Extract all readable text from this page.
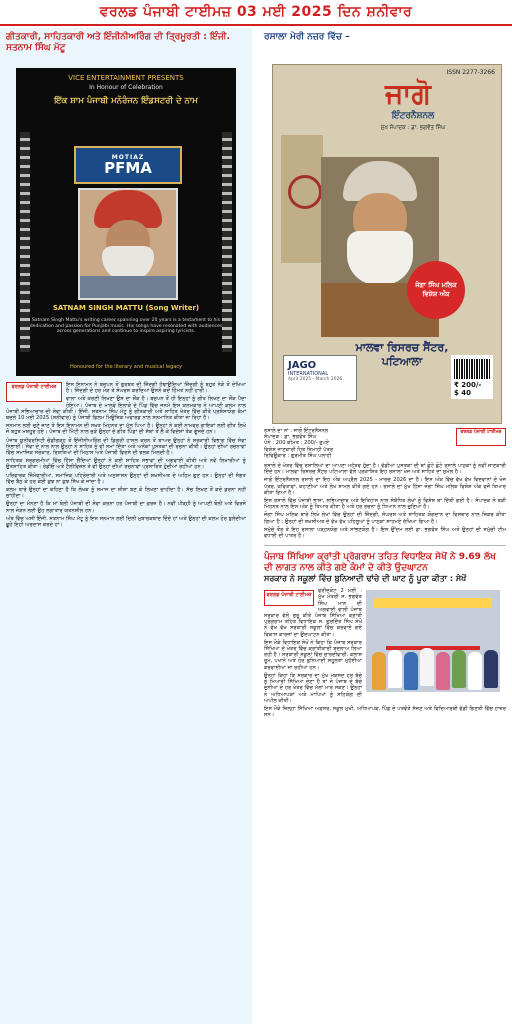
ਵਰਲਡ ਪੰਜਾਬੀ ਟਾਈਮਜ਼ 03 ਮਈ 2025 ਦਿਨ ਸ਼ਨੀਵਾਰ
ਗੀਤਕਾਰੀ, ਸਾਹਿਤਕਾਰੀ ਅਤੇ ਇੰਜੀਨੀਅਰਿੰਗ ਦੀ ਤ੍ਰਿਮੂਰਤੀ : ਇੰਜੀ. ਸਤਨਾਮ ਸਿੰਘ ਮੱਟੂ
VICE ENTERTAINMENT PRESENTS
In Honour of Celebration
ਇੱਕ ਸ਼ਾਮ ਪੰਜਾਬੀ ਮਨੋਰੰਜਨ ਇੰਡਸਟਰੀ ਦੇ ਨਾਮ
MOTIAZ
PFMA
SATNAM SINGH MATTU (Song Writer)
Satnam Singh Mattu's writing career spanning over 20 years is a testament to his dedication and passion for Punjabi music. His songs have resonated with audiences across generations and continue to inspire aspiring lyricists.
Honoured for the literary and musical legacy
ਵਰਲਡ ਪੰਜਾਬੀ ਟਾਈਮਜ਼	ਇਸ ਇਨਾਮਨ ਨੇ ਬਚਪਨ ਤੋਂ ਗੁਰਬਤ ਦੀ ਜ਼ਿੰਦਗੀ ਹੰਢਾਉਂਦਿਆਂ ਜ਼ਿੰਦਗੀ ਨੂੰ ਬਹੁਤ ਨੇੜੇ ਤੋਂ ਦੇਖਿਆ ਹੈ। ਜ਼ਿੰਦਗੀ ਦੇ ਹਰ ਮੋੜ ਤੇ ਸੰਘਰਸ਼ ਕਰਦਿਆਂ ਉਸਨੇ ਕਦੇ ਹਿੰਮਤ ਨਹੀਂ ਹਾਰੀ।

ਵਾਲਾ ਅਤੇ ਕਰਣੀ ਲਿਖਣਾ ਉਸ ਦਾ ਸ਼ੌਂਕ ਹੈ। ਬਚਪਨ ਤੋਂ ਹੀ ਇਨ੍ਹਾਂ ਨੂੰ ਗੀਤ ਲਿਖਣ ਦਾ ਸ਼ੌਂਕ ਪੈਦਾ ਹੋਇਆ। ਪੰਜਾਬ ਦੇ ਮਾਲਵੇ ਇਲਾਕੇ ਦੇ ਪਿੰਡ ਵਿੱਚ ਜਨਮੇ ਇਸ ਕਲਮਕਾਰ ਨੇ ਆਪਣੀ ਕਲਮ ਨਾਲ ਪੰਜਾਬੀ ਸਭਿਆਚਾਰ ਦੀ ਸੇਵਾ ਕੀਤੀ। ਇੰਜੀ. ਸਤਨਾਮ ਸਿੰਘ ਮੱਟੂ ਨੂੰ ਗੀਤਕਾਰੀ ਅਤੇ ਸਾਹਿਤ ਖੇਤਰ ਵਿੱਚ ਕੀਤੇ ਪ੍ਰਸ਼ੰਸਾਯੋਗ ਕੰਮਾਂ ਬਦਲੇ 10 ਮਈ 2025 (ਸ਼ਨੀਵਾਰ) ਨੂੰ ਪੰਜਾਬੀ ਫ਼ਿਲਮ ਮਿਊਜ਼ਿਕ ਅਵਾਰਡ ਨਾਲ ਸਨਮਾਨਿਤ ਕੀਤਾ ਜਾ ਰਿਹਾ ਹੈ।

ਸਨਮਾਨ ਲਈ ਚੁਣੇ ਜਾਣ ਤੇ ਇਸ ਇਨਾਮਨ ਦੀ ਸਖ਼ਤ ਮਿਹਨਤ ਦਾ ਮੁੱਲ ਪਿਆ ਹੈ। ਉਨ੍ਹਾਂ ਨੇ ਕਈ ਨਾਮਵਰ ਗਾਇਕਾਂ ਲਈ ਗੀਤ ਲਿਖੇ ਜੋ ਬਹੁਤ ਮਸ਼ਹੂਰ ਹੋਏ। ਪੰਜਾਬ ਦੀ ਮਿੱਟੀ ਨਾਲ ਜੁੜੇ ਉਨ੍ਹਾਂ ਦੇ ਗੀਤ ਪਿੰਡਾਂ ਦੀ ਸੱਥਾਂ ਤੋਂ ਲੈ ਕੇ ਵਿਦੇਸ਼ਾਂ ਤੱਕ ਗੂੰਜਦੇ ਹਨ।

ਪੰਜਾਬ ਯੂਨੀਵਰਸਿਟੀ ਚੰਡੀਗੜ੍ਹ ਤੋਂ ਇੰਜੀਨੀਅਰਿੰਗ ਦੀ ਡਿਗਰੀ ਹਾਸਲ ਕਰਨ ਤੋਂ ਬਾਅਦ ਉਨ੍ਹਾਂ ਨੇ ਸਰਕਾਰੀ ਵਿਭਾਗ ਵਿੱਚ ਸੇਵਾ ਨਿਭਾਈ। ਸੇਵਾ ਦੇ ਨਾਲ ਨਾਲ ਉਨ੍ਹਾਂ ਨੇ ਸਾਹਿਤ ਨੂੰ ਵੀ ਸਮਾਂ ਦਿੱਤਾ ਅਤੇ ਅਨੇਕਾਂ ਪੁਸਤਕਾਂ ਦੀ ਰਚਨਾ ਕੀਤੀ। ਉਨ੍ਹਾਂ ਦੀਆਂ ਰਚਨਾਵਾਂ ਵਿੱਚ ਸਮਾਜਿਕ ਸਰੋਕਾਰ, ਰਿਸ਼ਤਿਆਂ ਦੀ ਮਿਠਾਸ ਅਤੇ ਪੰਜਾਬੀ ਵਿਰਸੇ ਦੀ ਝਲਕ ਮਿਲਦੀ ਹੈ।

ਸਾਹਿਤਕ ਸਰਗਰਮੀਆਂ ਵਿੱਚ ਹਿੱਸਾ ਲੈਂਦਿਆਂ ਉਨ੍ਹਾਂ ਨੇ ਕਈ ਸਾਹਿਤ ਸਭਾਵਾਂ ਦੀ ਅਗਵਾਈ ਕੀਤੀ ਅਤੇ ਨਵੇਂ ਲਿਖਾਰੀਆਂ ਨੂੰ ਉਤਸ਼ਾਹਿਤ ਕੀਤਾ। ਰੇਡੀਓ ਅਤੇ ਟੈਲੀਵਿਜ਼ਨ ਤੇ ਵੀ ਉਨ੍ਹਾਂ ਦੀਆਂ ਰਚਨਾਵਾਂ ਪ੍ਰਸਾਰਿਤ ਹੁੰਦੀਆਂ ਰਹੀਆਂ ਹਨ।

ਪਰਿਵਾਰਕ ਜ਼ਿੰਮੇਵਾਰੀਆਂ, ਸਮਾਜਿਕ ਪਹਿਰੇਦਾਰੀ ਅਤੇ ਅਨੁਸ਼ਾਸਨ ਉਨ੍ਹਾਂ ਦੀ ਸ਼ਖ਼ਸੀਅਤ ਦੇ ਅਹਿਮ ਗੁਣ ਹਨ। ਉਨ੍ਹਾਂ ਦੀ ਸੰਗਤ ਵਿੱਚ ਬੈਠ ਕੇ ਹਰ ਕੋਈ ਕੁਝ ਨਾ ਕੁਝ ਸਿੱਖ ਕੇ ਜਾਂਦਾ ਹੈ।

ਕਲਮ ਬਾਰੇ ਉਨ੍ਹਾਂ ਦਾ ਕਹਿਣਾ ਹੈ ਕਿ ਲੇਖਕ ਨੂੰ ਸਮਾਜ ਦਾ ਸ਼ੀਸ਼ਾ ਬਣ ਕੇ ਲਿਖਣਾ ਚਾਹੀਦਾ ਹੈ। ਸੱਚ ਲਿਖਣ ਤੋਂ ਕਦੇ ਡਰਨਾ ਨਹੀਂ ਚਾਹੀਦਾ।

ਉਨ੍ਹਾਂ ਦਾ ਮੰਨਣਾ ਹੈ ਕਿ ਮਾਂ ਬੋਲੀ ਪੰਜਾਬੀ ਦੀ ਸੇਵਾ ਕਰਨਾ ਹਰ ਪੰਜਾਬੀ ਦਾ ਫ਼ਰਜ਼ ਹੈ। ਨਵੀਂ ਪੀੜ੍ਹੀ ਨੂੰ ਆਪਣੀ ਬੋਲੀ ਅਤੇ ਵਿਰਸੇ ਨਾਲ ਜੋੜਨ ਲਈ ਉਹ ਲਗਾਤਾਰ ਯਤਨਸ਼ੀਲ ਹਨ।

ਅੰਤ ਵਿੱਚ ਅਸੀਂ ਇੰਜੀ. ਸਤਨਾਮ ਸਿੰਘ ਮੱਟੂ ਨੂੰ ਇਸ ਸਨਮਾਨ ਲਈ ਦਿਲੀ ਮੁਬਾਰਕਬਾਦ ਦਿੰਦੇ ਹਾਂ ਅਤੇ ਉਨ੍ਹਾਂ ਦੀ ਕਲਮ ਹੋਰ ਬੁਲੰਦੀਆਂ ਛੂਹੇ ਇਹੀ ਅਰਦਾਸ ਕਰਦੇ ਹਾਂ।

ਰਸਾਲਾ ਮੇਰੀ ਨਜ਼ਰ ਵਿੱਚ –
ISSN 2277-3266
ਜਾਗੋ
ਇੰਟਰਨੈਸ਼ਨਲ
ਮੁੱਖ ਸੰਪਾਦਕ : ਡਾ. ਭਗਵੰਤ ਸਿੰਘ
ਜੋਗਾ ਸਿੰਘ ਮਲਿਕ ਵਿਸ਼ੇਸ਼ ਅੰਕ
ਮਾਲਵਾ ਰਿਸਰਚ ਸੈਂਟਰ, ਪਟਿਆਲਾ
JAGO
INTERNATIONAL
April 2025 - March 2026
₹ 200/-
$ 40
ਵਰਲਡ ਪੰਜਾਬੀ ਟਾਈਮਜ਼
ਰਸਾਲੇ ਦਾ ਨਾਂ : ਜਾਗੋ ਇੰਟਰਨੈਸ਼ਨਲ
ਸੰਪਾਦਕ : ਡਾ. ਭਗਵੰਤ ਸਿੰਘ
ਪੰਨੇ : 200 ਕੀਮਤ : 200/- ਰੁਪਏ
ਵਿਸ਼ੇਸ਼ ਜਾਣਕਾਰੀ ਹਿਤ ਤਿਮਾਹੀ ਪੱਤਰ
ਰਿਵਿਊਕਾਰ : ਗੁਰਮੀਤ ਸਿੰਘ ਪਲਾਹੀ

ਰਸਾਲੇ ਦੇ ਖੇਤਰ ਵਿੱਚ ਰਸਾਲਿਆਂ ਦਾ ਆਪਣਾ ਮਹੱਤਵ ਹੁੰਦਾ ਹੈ। ਵੱਡੀਆਂ ਪੁਸਤਕਾਂ ਦੀ ਥਾਂ ਛੋਟੇ ਛੋਟੇ ਰਸਾਲੇ ਪਾਠਕਾਂ ਨੂੰ ਨਵੀਂ ਜਾਣਕਾਰੀ ਦਿੰਦੇ ਹਨ। ਮਾਲਵਾ ਰਿਸਰਚ ਸੈਂਟਰ ਪਟਿਆਲਾ ਵੱਲੋਂ ਪ੍ਰਕਾਸ਼ਿਤ ਇਹ ਰਸਾਲਾ ਖੋਜ ਅਤੇ ਸਾਹਿਤ ਦਾ ਸੁਮੇਲ ਹੈ।

ਜਾਗੋ ਇੰਟਰਨੈਸ਼ਨਲ ਰਸਾਲੇ ਦਾ ਇਹ ਅੰਕ ਅਪ੍ਰੈਲ 2025 - ਮਾਰਚ 2026 ਦਾ ਹੈ। ਇਸ ਅੰਕ ਵਿੱਚ ਵੱਖ ਵੱਖ ਵਿਦਵਾਨਾਂ ਦੇ ਖੋਜ ਪੱਤਰ, ਕਵਿਤਾਵਾਂ, ਕਹਾਣੀਆਂ ਅਤੇ ਲੇਖ ਸ਼ਾਮਲ ਕੀਤੇ ਗਏ ਹਨ। ਰਸਾਲੇ ਦਾ ਮੁੱਖ ਹਿੱਸਾ ਜੋਗਾ ਸਿੰਘ ਮਲਿਕ ਵਿਸ਼ੇਸ਼ ਅੰਕ ਵਜੋਂ ਤਿਆਰ ਕੀਤਾ ਗਿਆ ਹੈ।

ਇਸ ਰਸਾਲੇ ਵਿੱਚ ਪੰਜਾਬੀ ਭਾਸ਼ਾ, ਸਭਿਆਚਾਰ ਅਤੇ ਇਤਿਹਾਸ ਨਾਲ ਸੰਬੰਧਿਤ ਲੇਖਾਂ ਨੂੰ ਵਿਸ਼ੇਸ਼ ਥਾਂ ਦਿੱਤੀ ਗਈ ਹੈ। ਸੰਪਾਦਕ ਨੇ ਬੜੀ ਮਿਹਨਤ ਨਾਲ ਇਸ ਅੰਕ ਨੂੰ ਤਿਆਰ ਕੀਤਾ ਹੈ ਅਤੇ ਹਰ ਰਚਨਾ ਨੂੰ ਧਿਆਨ ਨਾਲ ਚੁਣਿਆ ਹੈ।

ਜੋਗਾ ਸਿੰਘ ਮਲਿਕ ਬਾਰੇ ਲਿਖੇ ਲੇਖਾਂ ਵਿੱਚ ਉਨ੍ਹਾਂ ਦੀ ਜ਼ਿੰਦਗੀ, ਸੰਘਰਸ਼ ਅਤੇ ਸਾਹਿਤਕ ਯੋਗਦਾਨ ਦਾ ਵਿਸਥਾਰ ਨਾਲ ਜ਼ਿਕਰ ਕੀਤਾ ਗਿਆ ਹੈ। ਉਨ੍ਹਾਂ ਦੀ ਸ਼ਖ਼ਸੀਅਤ ਦੇ ਵੱਖ ਵੱਖ ਪਹਿਲੂਆਂ ਨੂੰ ਪਾਠਕਾਂ ਸਾਹਮਣੇ ਰੱਖਿਆ ਗਿਆ ਹੈ।

ਸਮੁੱਚੇ ਤੌਰ ਤੇ ਇਹ ਰਸਾਲਾ ਪੜ੍ਹਨਯੋਗ ਅਤੇ ਸਾਂਭਣਯੋਗ ਹੈ। ਇਸ ਉੱਦਮ ਲਈ ਡਾ. ਭਗਵੰਤ ਸਿੰਘ ਅਤੇ ਉਨ੍ਹਾਂ ਦੀ ਸਮੁੱਚੀ ਟੀਮ ਵਧਾਈ ਦੀ ਪਾਤਰ ਹੈ।

ਪੰਜਾਬ ਸਿੱਖਿਆ ਕ੍ਰਾਂਤੀ ਪ੍ਰੋਗਰਾਮ ਤਹਿਤ ਵਿਧਾਇਕ ਸੇਖੋਂ ਨੇ 9.69 ਲੱਖ ਦੀ ਲਾਗਤ ਨਾਲ ਕੀਤੇ ਗਏ ਕੰਮਾਂ ਦੇ ਕੀਤੇ ਉਦਘਾਟਨ
ਸਰਕਾਰ ਨੇ ਸਕੂਲਾਂ ਵਿੱਚ ਬੁਨਿਆਦੀ ਢਾਂਚੇ ਦੀ ਘਾਟ ਨੂੰ ਪੂਰਾ ਕੀਤਾ : ਸੇਖੋਂ
ਵਰਲਡ ਪੰਜਾਬੀ ਟਾਈਮਜ਼

ਫਰੀਦਕੋਟ 2 ਮਈ : ਮੁੱਖ ਮੰਤਰੀ ਸ. ਭਗਵੰਤ ਸਿੰਘ ਮਾਨ ਦੀ ਅਗਵਾਈ ਵਾਲੀ ਪੰਜਾਬ ਸਰਕਾਰ ਵੱਲੋਂ ਸ਼ੁਰੂ ਕੀਤੇ ਪੰਜਾਬ ਸਿੱਖਿਆ ਕ੍ਰਾਂਤੀ ਪ੍ਰੋਗਰਾਮ ਤਹਿਤ ਵਿਧਾਇਕ ਸ. ਗੁਰਦਿੱਤ ਸਿੰਘ ਸੇਖੋਂ ਨੇ ਵੱਖ ਵੱਖ ਸਰਕਾਰੀ ਸਕੂਲਾਂ ਵਿੱਚ ਕਰਵਾਏ ਗਏ ਵਿਕਾਸ ਕਾਰਜਾਂ ਦਾ ਉਦਘਾਟਨ ਕੀਤਾ।

ਇਸ ਮੌਕੇ ਵਿਧਾਇਕ ਸੇਖੋਂ ਨੇ ਕਿਹਾ ਕਿ ਪੰਜਾਬ ਸਰਕਾਰ ਸਿੱਖਿਆ ਦੇ ਖੇਤਰ ਵਿੱਚ ਕ੍ਰਾਂਤੀਕਾਰੀ ਬਦਲਾਅ ਲਿਆ ਰਹੀ ਹੈ। ਸਰਕਾਰੀ ਸਕੂਲਾਂ ਵਿੱਚ ਚਾਰਦੀਵਾਰੀ, ਕਲਾਸ ਰੂਮ, ਪਖਾਨੇ ਅਤੇ ਹੋਰ ਬੁਨਿਆਦੀ ਸਹੂਲਤਾਂ ਮੁਹੱਈਆ ਕਰਵਾਈਆਂ ਜਾ ਰਹੀਆਂ ਹਨ।

ਉਨ੍ਹਾਂ ਕਿਹਾ ਕਿ ਸਰਕਾਰ ਦਾ ਮੁੱਖ ਮਕਸਦ ਹਰ ਬੱਚੇ ਨੂੰ ਮਿਆਰੀ ਸਿੱਖਿਆ ਦੇਣਾ ਹੈ ਤਾਂ ਜੋ ਪੰਜਾਬ ਦੇ ਬੱਚੇ ਦੁਨੀਆਂ ਦੇ ਹਰ ਖੇਤਰ ਵਿੱਚ ਮੱਲਾਂ ਮਾਰ ਸਕਣ। ਉਨ੍ਹਾਂ ਨੇ ਅਧਿਆਪਕਾਂ ਅਤੇ ਮਾਪਿਆਂ ਨੂੰ ਸਹਿਯੋਗ ਦੀ ਅਪੀਲ ਕੀਤੀ।

ਇਸ ਮੌਕੇ ਜ਼ਿਲ੍ਹਾ ਸਿੱਖਿਆ ਅਫ਼ਸਰ, ਸਕੂਲ ਮੁਖੀ, ਅਧਿਆਪਕ, ਪਿੰਡ ਦੇ ਪਤਵੰਤੇ ਸੱਜਣ ਅਤੇ ਵਿਦਿਆਰਥੀ ਵੱਡੀ ਗਿਣਤੀ ਵਿੱਚ ਹਾਜ਼ਰ ਸਨ।
